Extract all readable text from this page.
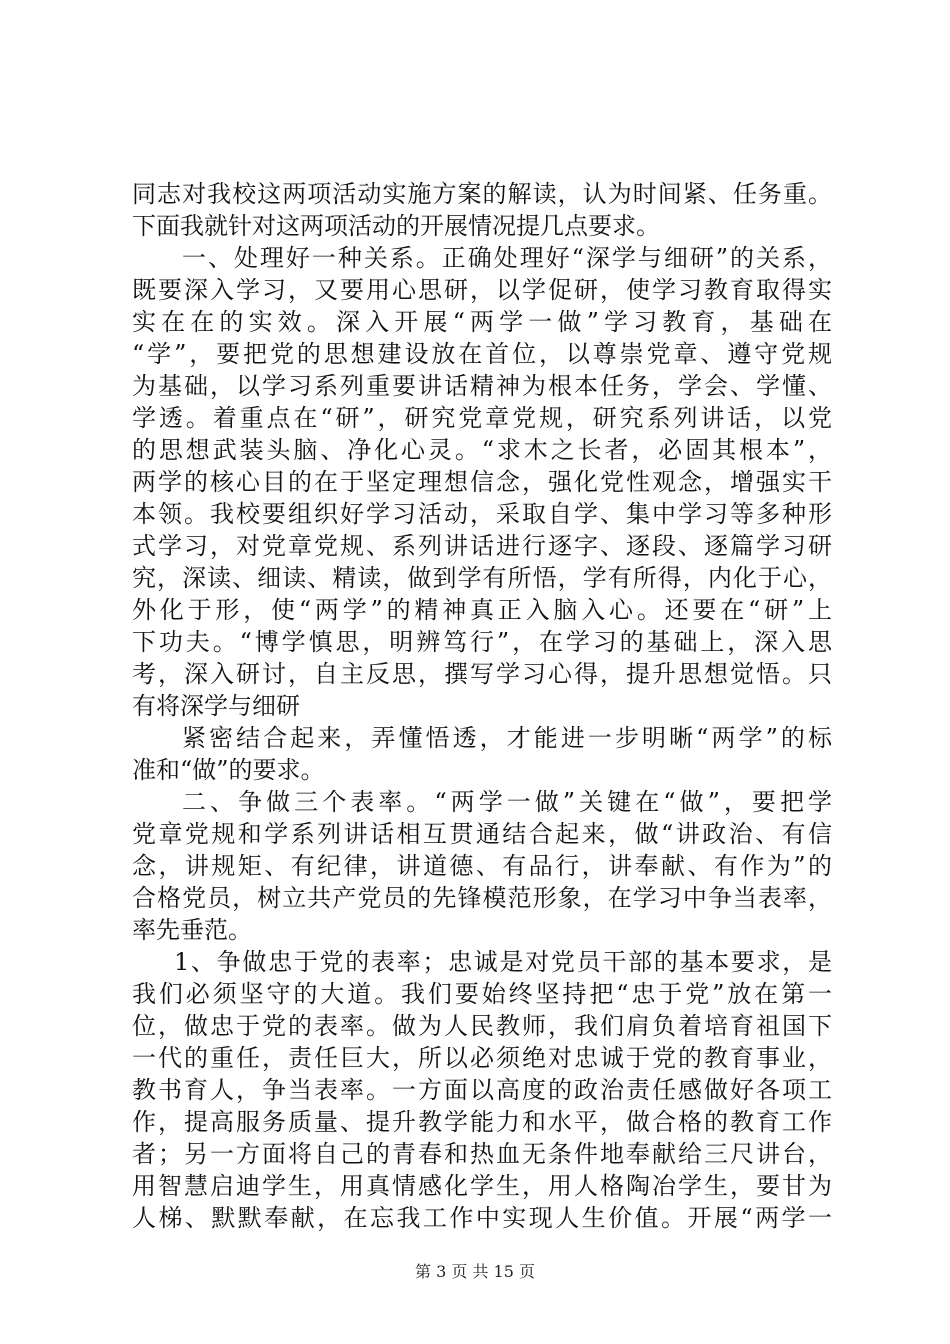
同志对我校这两项活动实施方案的解读，认为时间紧、任务重。
下面我就针对这两项活动的开展情况提几点要求。
一、处理好一种关系。正确处理好“深学与细研”的关系，
既要深入学习，又要用心思研，以学促研，使学习教育取得实
实在在的实效。深入开展“两学一做”学习教育，基础在
“学”，要把党的思想建设放在首位，以尊崇党章、遵守党规
为基础，以学习系列重要讲话精神为根本任务，学会、学懂、
学透。着重点在“研”，研究党章党规，研究系列讲话，以党
的思想武装头脑、净化心灵。“求木之长者，必固其根本”，
两学的核心目的在于坚定理想信念，强化党性观念，增强实干
本领。我校要组织好学习活动，采取自学、集中学习等多种形
式学习，对党章党规、系列讲话进行逐字、逐段、逐篇学习研
究，深读、细读、精读，做到学有所悟，学有所得，内化于心，
外化于形，使“两学”的精神真正入脑入心。还要在“研”上
下功夫。“博学慎思，明辨笃行”，在学习的基础上，深入思
考，深入研讨，自主反思，撰写学习心得，提升思想觉悟。只
有将深学与细研
紧密结合起来，弄懂悟透，才能进一步明晰“两学”的标
准和“做”的要求。
二、争做三个表率。“两学一做”关键在“做”，要把学
党章党规和学系列讲话相互贯通结合起来，做“讲政治、有信
念，讲规矩、有纪律，讲道德、有品行，讲奉献、有作为”的
合格党员，树立共产党员的先锋模范形象，在学习中争当表率，
率先垂范。
1、争做忠于党的表率；忠诚是对党员干部的基本要求，是
我们必须坚守的大道。我们要始终坚持把“忠于党”放在第一
位，做忠于党的表率。做为人民教师，我们肩负着培育祖国下
一代的重任，责任巨大，所以必须绝对忠诚于党的教育事业，
教书育人，争当表率。一方面以高度的政治责任感做好各项工
作，提高服务质量、提升教学能力和水平，做合格的教育工作
者；另一方面将自己的青春和热血无条件地奉献给三尺讲台，
用智慧启迪学生，用真情感化学生，用人格陶冶学生，要甘为
人梯、默默奉献，在忘我工作中实现人生价值。开展“两学一
第 3 页 共 15 页
